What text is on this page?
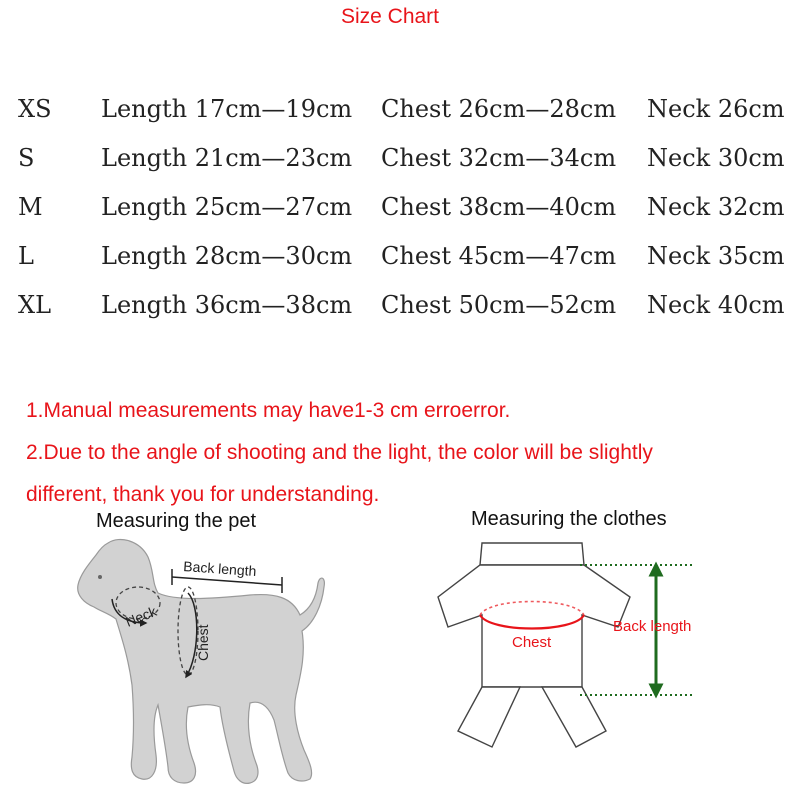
Size Chart
XS Length 17cm—19cm Chest 26cm—28cm Neck 26cm
S	Length 21cm—23cm Chest 32cm—34cm Neck 30cm
M Length 25cm—27cm Chest 38cm—40cm Neck 32cm
L	Length 28cm—30cm Chest 45cm—47cm Neck 35cm
XL Length 36cm—38cm Chest 50cm—52cm Neck 40cm

1.Manual measurements may have1-3 cm erroerror.

2.Due to the angle of shooting and the light, the color will be slightly

different, thank you for understanding.

Measuring the pet	Measuring the clothes
Back length
Neck
Chest	Chest
Back length
